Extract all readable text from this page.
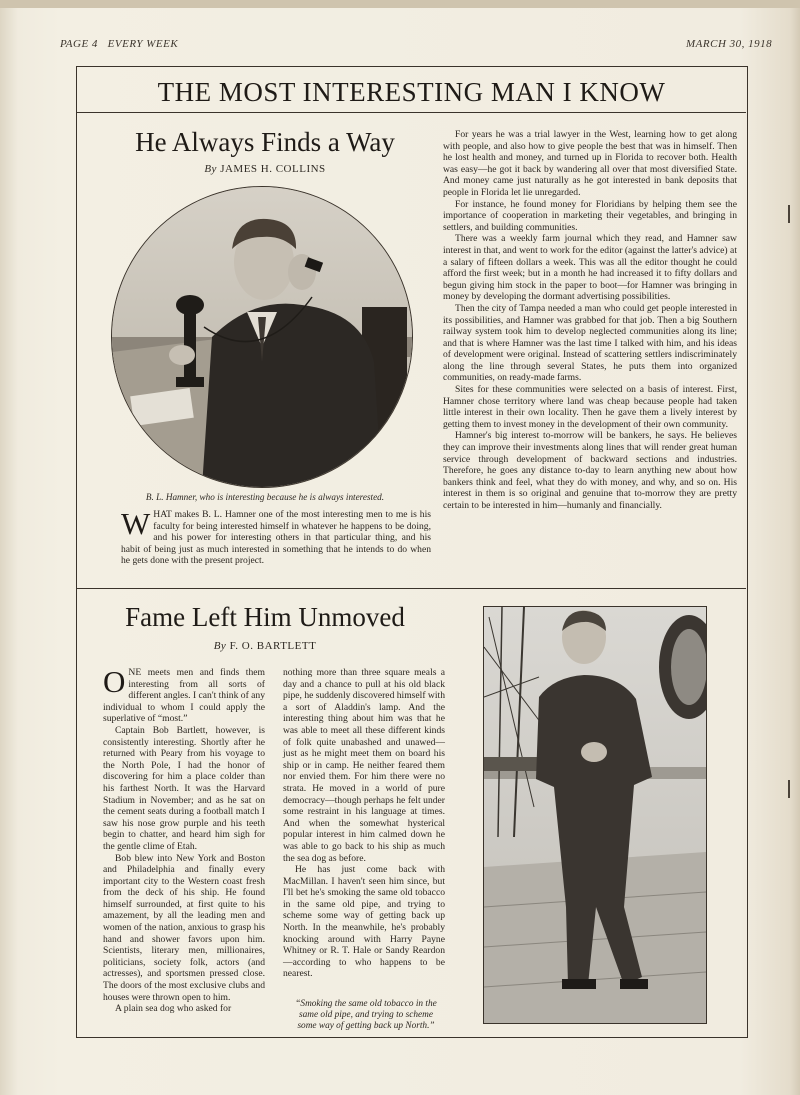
PAGE 4   EVERY WEEK	MARCH 30, 1918
THE MOST INTERESTING MAN I KNOW
He Always Finds a Way
By JAMES H. COLLINS
B. L. Hamner, who is interesting because he is always interested.

WHAT makes B. L. Hamner one of the most interesting men to me is his faculty for being interested himself in whatever he happens to be doing, and his power for interesting others in that particular thing, and his habit of being just as much interested in something that he intends to do when he gets done with the present project.

For years he was a trial lawyer in the West, learning how to get along with people, and also how to give people the best that was in himself. Then he lost health and money, and turned up in Florida to recover both. Health was easy—he got it back by wandering all over that most diversified State. And money came just naturally as he got interested in bank deposits that people in Florida let lie unregarded.

For instance, he found money for Floridians by helping them see the importance of cooperation in marketing their vegetables, and bringing in settlers, and building communities.

There was a weekly farm journal which they read, and Hamner saw interest in that, and went to work for the editor (against the latter's advice) at a salary of fifteen dollars a week. This was all the editor thought he could afford the first week; but in a month he had increased it to fifty dollars and begun giving him stock in the paper to boot—for Hamner was bringing in money by developing the dormant advertising possibilities.

Then the city of Tampa needed a man who could get people interested in its possibilities, and Hamner was grabbed for that job. Then a big Southern railway system took him to develop neglected communities along its line; and that is where Hamner was the last time I talked with him, and his ideas of development were original. Instead of scattering settlers indiscriminately along the line through several States, he puts them into organized communities, on ready-made farms.

Sites for these communities were selected on a basis of interest. First, Hamner chose territory where land was cheap because people had taken little interest in their own locality. Then he gave them a lively interest by getting them to invest money in the development of their own community.

Hamner's big interest to-morrow will be bankers, he says. He believes they can improve their investments along lines that will render great human service through development of backward sections and industries. Therefore, he goes any distance to-day to learn anything new about how bankers think and feel, what they do with money, and why, and so on. His interest in them is so original and genuine that to-morrow they are pretty certain to be interested in him—humanly and financially.

Fame Left Him Unmoved
By F. O. BARTLETT

ONE meets men and finds them interesting from all sorts of different angles. I can't think of any individual to whom I could apply the superlative of “most.”

Captain Bob Bartlett, however, is consistently interesting. Shortly after he returned with Peary from his voyage to the North Pole, I had the honor of discovering for him a place colder than his farthest North. It was the Harvard Stadium in November; and as he sat on the cement seats during a football match I saw his nose grow purple and his teeth begin to chatter, and heard him sigh for the gentle clime of Etah.

Bob blew into New York and Boston and Philadelphia and finally every important city to the Western coast fresh from the deck of his ship. He found himself surrounded, at first quite to his amazement, by all the leading men and women of the nation, anxious to grasp his hand and shower favors upon him. Scientists, literary men, millionaires, politicians, society folk, actors (and actresses), and sportsmen pressed close. The doors of the most exclusive clubs and houses were thrown open to him.

A plain sea dog who asked for

nothing more than three square meals a day and a chance to pull at his old black pipe, he suddenly discovered himself with a sort of Aladdin's lamp. And the interesting thing about him was that he was able to meet all these different kinds of folk quite unabashed and unawed—just as he might meet them on board his ship or in camp. He neither feared them nor envied them. For him there were no strata. He moved in a world of pure democracy—though perhaps he felt under some restraint in his language at times. And when the somewhat hysterical popular interest in him calmed down he was able to go back to his ship as much the sea dog as before.

He has just come back with MacMillan. I haven't seen him since, but I'll bet he's smoking the same old tobacco in the same old pipe, and trying to scheme some way of getting back up North. In the meanwhile, he's probably knocking around with Harry Payne Whitney or R. T. Hale or Sandy Reardon—according to who happens to be nearest.

“Smoking the same old tobacco in the same old pipe, and trying to scheme some way of getting back up North.”
